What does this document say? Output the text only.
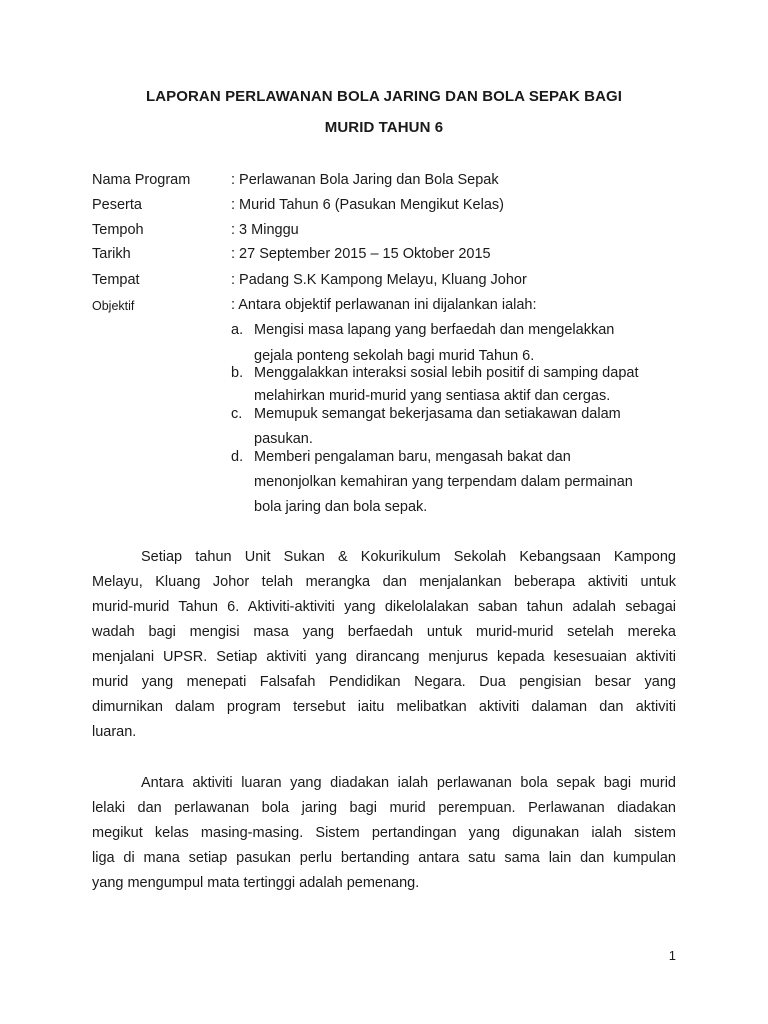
LAPORAN PERLAWANAN BOLA JARING DAN BOLA SEPAK BAGI
MURID TAHUN 6
Nama Program	: Perlawanan Bola Jaring dan Bola Sepak
Peserta	: Murid Tahun 6 (Pasukan Mengikut Kelas)
Tempoh	: 3 Minggu
Tarikh	: 27 September 2015 – 15 Oktober 2015
Tempat	: Padang S.K Kampong Melayu, Kluang Johor
Objektif	: Antara objektif perlawanan ini dijalankan ialah:
a. Mengisi masa lapang yang berfaedah dan mengelakkan
gejala ponteng sekolah bagi murid Tahun 6.
b. Menggalakkan interaksi sosial lebih positif di samping dapat
melahirkan murid-murid yang sentiasa aktif dan cergas.
c. Memupuk semangat bekerjasama dan setiakawan dalam
pasukan.
d. Memberi pengalaman baru, mengasah bakat dan
menonjolkan kemahiran yang terpendam dalam permainan
bola jaring dan bola sepak.
Setiap tahun Unit Sukan & Kokurikulum Sekolah Kebangsaan Kampong
Melayu, Kluang Johor telah merangka dan menjalankan beberapa aktiviti untuk
murid-murid Tahun 6. Aktiviti-aktiviti yang dikelolalakan saban tahun adalah sebagai
wadah bagi mengisi masa yang berfaedah untuk murid-murid setelah mereka
menjalani UPSR. Setiap aktiviti yang dirancang menjurus kepada kesesuaian aktiviti
murid yang menepati Falsafah Pendidikan Negara. Dua pengisian besar yang
dimurnikan dalam program tersebut iaitu melibatkan aktiviti dalaman dan aktiviti
luaran.
Antara aktiviti luaran yang diadakan ialah perlawanan bola sepak bagi murid
lelaki dan perlawanan bola jaring bagi murid perempuan. Perlawanan diadakan
megikut kelas masing-masing. Sistem pertandingan yang digunakan ialah sistem
liga di mana setiap pasukan perlu bertanding antara satu sama lain dan kumpulan
yang mengumpul mata tertinggi adalah pemenang.
1
